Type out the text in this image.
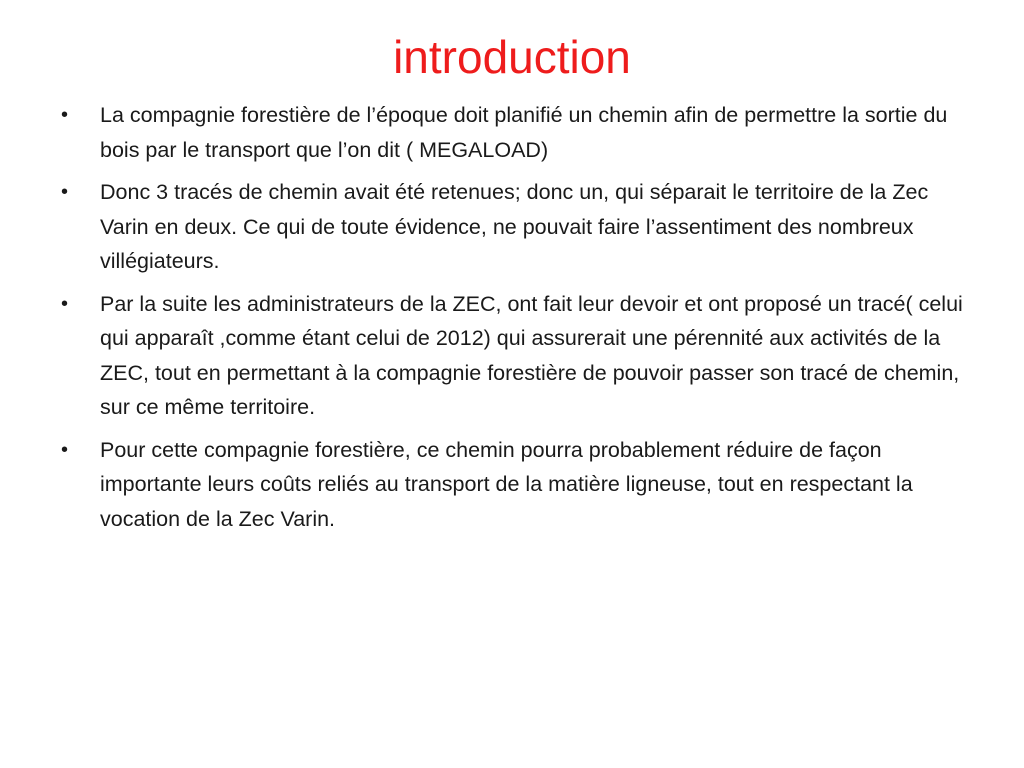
introduction
• La compagnie forestière de l’époque doit planifié un chemin afin de permettre la sortie du bois par le transport que l’on dit ( MEGALOAD)
• Donc 3 tracés de chemin avait été retenues; donc un, qui séparait le territoire de la Zec Varin en deux. Ce qui de toute évidence, ne pouvait faire l’assentiment des nombreux villégiateurs.
• Par la suite les administrateurs de la ZEC, ont fait leur devoir et ont proposé un tracé( celui qui apparaît ,comme étant celui de 2012) qui assurerait une pérennité aux activités de la ZEC, tout en permettant à la compagnie forestière de pouvoir passer son tracé de chemin, sur ce même territoire.
• Pour cette compagnie forestière, ce chemin pourra probablement réduire de façon importante leurs coûts reliés au transport de la matière ligneuse, tout en respectant la vocation de la Zec Varin.
